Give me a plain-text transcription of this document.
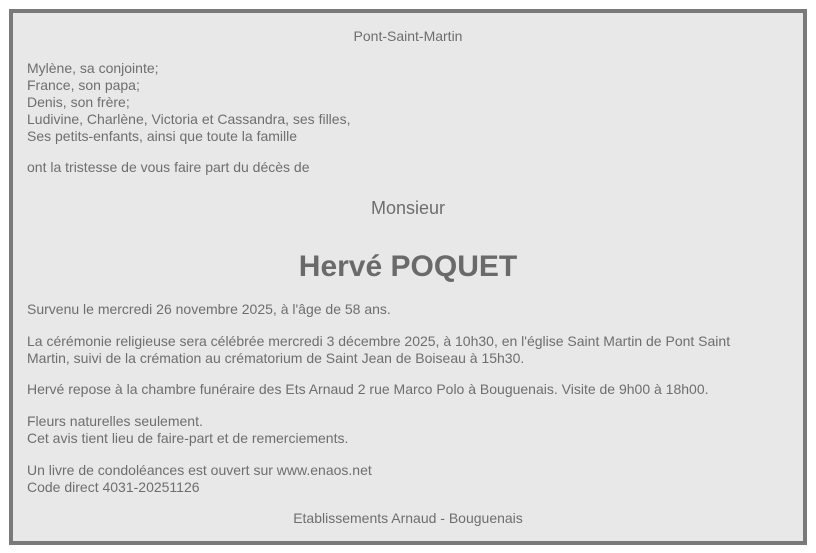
Pont-Saint-Martin
Mylène, sa conjointe;
France, son papa;
Denis, son frère;
Ludivine, Charlène, Victoria et Cassandra, ses filles,
Ses petits-enfants, ainsi que toute la famille
ont la tristesse de vous faire part du décès de
Monsieur
Hervé POQUET
Survenu le mercredi 26 novembre 2025, à l'âge de 58 ans.
La cérémonie religieuse sera célébrée mercredi 3 décembre 2025, à 10h30, en l'église Saint Martin de Pont Saint
Martin, suivi de la crémation au crématorium de Saint Jean de Boiseau à 15h30.
Hervé repose à la chambre funéraire des Ets Arnaud 2 rue Marco Polo à Bouguenais. Visite de 9h00 à 18h00.
Fleurs naturelles seulement.
Cet avis tient lieu de faire-part et de remerciements.
Un livre de condoléances est ouvert sur www.enaos.net
Code direct 4031-20251126
Etablissements Arnaud - Bouguenais
